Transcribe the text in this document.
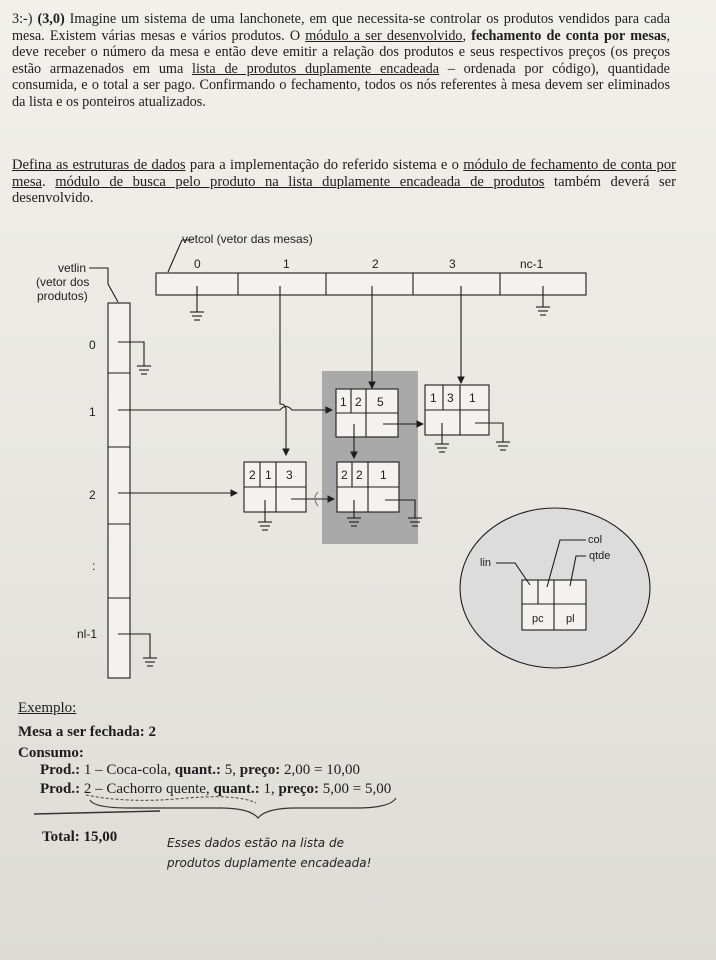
3:-) (3,0) Imagine um sistema de uma lanchonete, em que necessita-se controlar os produtos vendidos para cada mesa. Existem várias mesas e vários produtos. O módulo a ser desenvolvido, fechamento de conta por mesas, deve receber o número da mesa e então deve emitir a relação dos produtos e seus respectivos preços (os preços estão armazenados em uma lista de produtos duplamente encadeada – ordenada por código), quantidade consumida, e o total a ser pago. Confirmando o fechamento, todos os nós referentes à mesa devem ser eliminados da lista e os ponteiros atualizados.

Defina as estruturas de dados para a implementação do referido sistema e o módulo de fechamento de conta por mesa. módulo de busca pelo produto na lista duplamente encadeada de produtos também deverá ser desenvolvido.

vetcol (vetor das mesas)
vetlin
(vetor dos
produtos)
0	1	2	3	nc-1
0
1
2
:
nl-1
1 2 5	1 3 1
2 1 3	2 2 1
col
qtde
lin
pc pl
Exemplo:
Mesa a ser fechada: 2
Consumo:
Prod.: 1 – Coca-cola, quant.: 5, preço: 2,00 = 10,00
Prod.: 2 – Cachorro quente, quant.: 1, preço: 5,00 = 5,00
Total: 15,00	Esses dados estão na lista de
produtos duplamente encadeada!
